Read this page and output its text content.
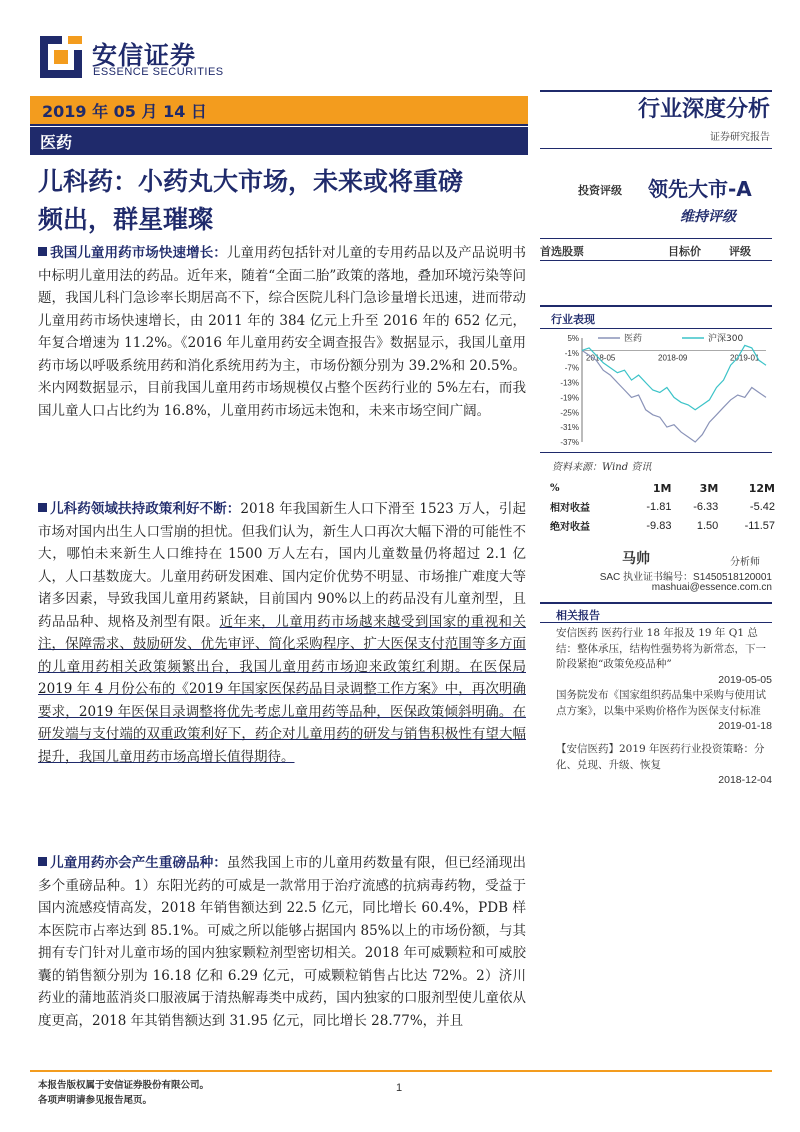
安信证券
ESSENCE SECURITIES
2019 年 05 月 14 日
医药
行业深度分析
证券研究报告
儿科药：小药丸大市场，未来或将重磅
频出，群星璀璨
投资评级 领先大市-A
维持评级
首选股票	目标价	评级
行业表现
5%
-1%
-7%
-13%
-19%
-25%
-31%
-37%
2018-05	2018-09	2019-01
医药	沪深300
资料来源：Wind 资讯
%	1M	3M	12M
相对收益	-1.81	-6.33	-5.42
绝对收益	-9.83	1.50	-11.57
马帅	分析师
SAC 执业证书编号：S1450518120001
mashuai@essence.com.cn
相关报告
安信医药 医药行业 18 年报及 19 年 Q1 总结：整体承压，结构性强势将为新常态，下一阶段紧抱“政策免疫品种”
2019-05-05
国务院发布《国家组织药品集中采购与使用试点方案》，以集中采购价格作为医保支付标准
2019-01-18
【安信医药】2019 年医药行业投资策略：分化、兑现、升级、恢复
2018-12-04
我国儿童用药市场快速增长：儿童用药包括针对儿童的专用药品以及产品说明书中标明儿童用法的药品。近年来，随着“全面二胎”政策的落地，叠加环境污染等问题，我国儿科门急诊率长期居高不下，综合医院儿科门急诊量增长迅速，进而带动儿童用药市场快速增长，由 2011 年的 384 亿元上升至 2016 年的 652 亿元，年复合增速为 11.2%。《2016 年儿童用药安全调查报告》数据显示，我国儿童用药市场以呼吸系统用药和消化系统用药为主，市场份额分别为 39.2%和 20.5%。米内网数据显示，目前我国儿童用药市场规模仅占整个医药行业的 5%左右，而我国儿童人口占比约为 16.8%，儿童用药市场远未饱和，未来市场空间广阔。
儿科药领域扶持政策利好不断：2018 年我国新生人口下滑至 1523 万人，引起市场对国内出生人口雪崩的担忧。但我们认为，新生人口再次大幅下滑的可能性不大，哪怕未来新生人口维持在 1500 万人左右，国内儿童数量仍将超过 2.1 亿人，人口基数庞大。儿童用药研发困难、国内定价优势不明显、市场推广难度大等诸多因素，导致我国儿童用药紧缺，目前国内 90%以上的药品没有儿童剂型，且药品品种、规格及剂型有限。近年来，儿童用药市场越来越受到国家的重视和关注，保障需求、鼓励研发、优先审评、简化采购程序、扩大医保支付范围等多方面的儿童用药相关政策频繁出台，我国儿童用药市场迎来政策红利期。在医保局 2019 年 4 月份公布的《2019 年国家医保药品目录调整工作方案》中，再次明确要求，2019 年医保目录调整将优先考虑儿童用药等品种，医保政策倾斜明确。在研发端与支付端的双重政策利好下，药企对儿童用药的研发与销售积极性有望大幅提升，我国儿童用药市场高增长值得期待。
儿童用药亦会产生重磅品种：虽然我国上市的儿童用药数量有限，但已经涌现出多个重磅品种。1）东阳光药的可威是一款常用于治疗流感的抗病毒药物，受益于国内流感疫情高发，2018 年销售额达到 22.5 亿元，同比增长 60.4%，PDB 样本医院市占率达到 85.1%。可威之所以能够占据国内 85%以上的市场份额，与其拥有专门针对儿童市场的国内独家颗粒剂型密切相关。2018 年可威颗粒和可威胶囊的销售额分别为 16.18 亿和 6.29 亿元，可威颗粒销售占比达 72%。2）济川药业的蒲地蓝消炎口服液属于清热解毒类中成药，国内独家的口服剂型使儿童依从度更高，2018 年其销售额达到 31.95 亿元，同比增长 28.77%，并且
本报告版权属于安信证券股份有限公司。
各项声明请参见报告尾页。
1
